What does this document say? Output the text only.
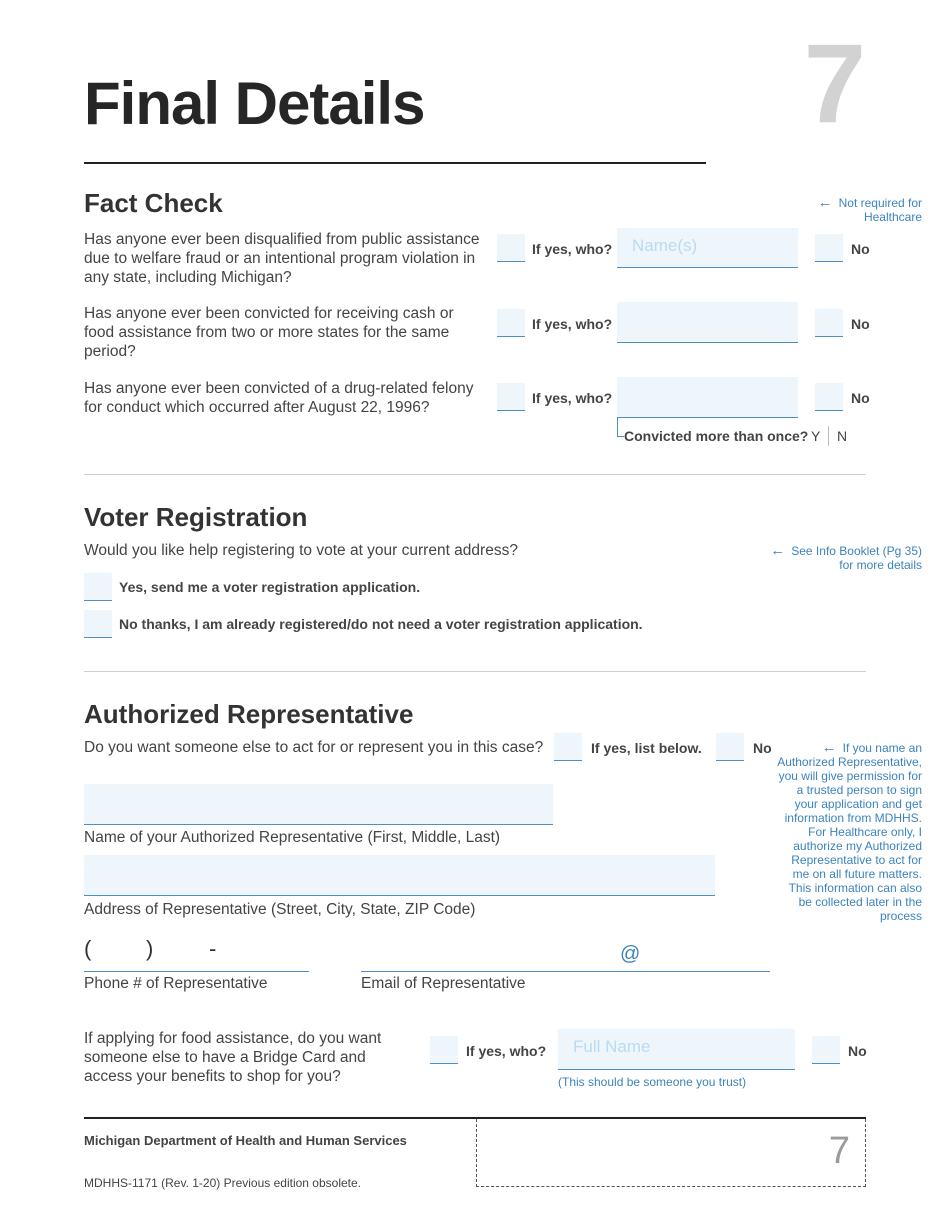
7
Final Details
Fact Check	← Not required for Healthcare
Has anyone ever been disqualified from public assistance due to welfare fraud or an intentional program violation in any state, including Michigan?
If yes, who?	Name(s)	No
Has anyone ever been convicted for receiving cash or food assistance from two or more states for the same period?
If yes, who?	No
Has anyone ever been convicted of a drug-related felony for conduct which occurred after August 22, 1996?
If yes, who?	No
Convicted more than once? Y N
Voter Registration
Would you like help registering to vote at your current address?	← See Info Booklet (Pg 35)
for more details
Yes, send me a voter registration application.
No thanks, I am already registered/do not need a voter registration application.
Authorized Representative
Do you want someone else to act for or represent you in this case?	If yes, list below.	No	← If you name an Authorized Representative, you will give permission for a trusted person to sign your application and get information from MDHHS. For Healthcare only, I authorize my Authorized Representative to act for me on all future matters. This information can also be collected later in the process
Name of your Authorized Representative (First, Middle, Last)
Address of Representative (Street, City, State, ZIP Code)
( )	-
Phone # of Representative
@
Email of Representative
If applying for food assistance, do you want someone else to have a Bridge Card and access your benefits to shop for you?
If yes, who?	Full Name
(This should be someone you trust)
No
Michigan Department of Health and Human Services
MDHHS-1171 (Rev. 1-20) Previous edition obsolete.
7
